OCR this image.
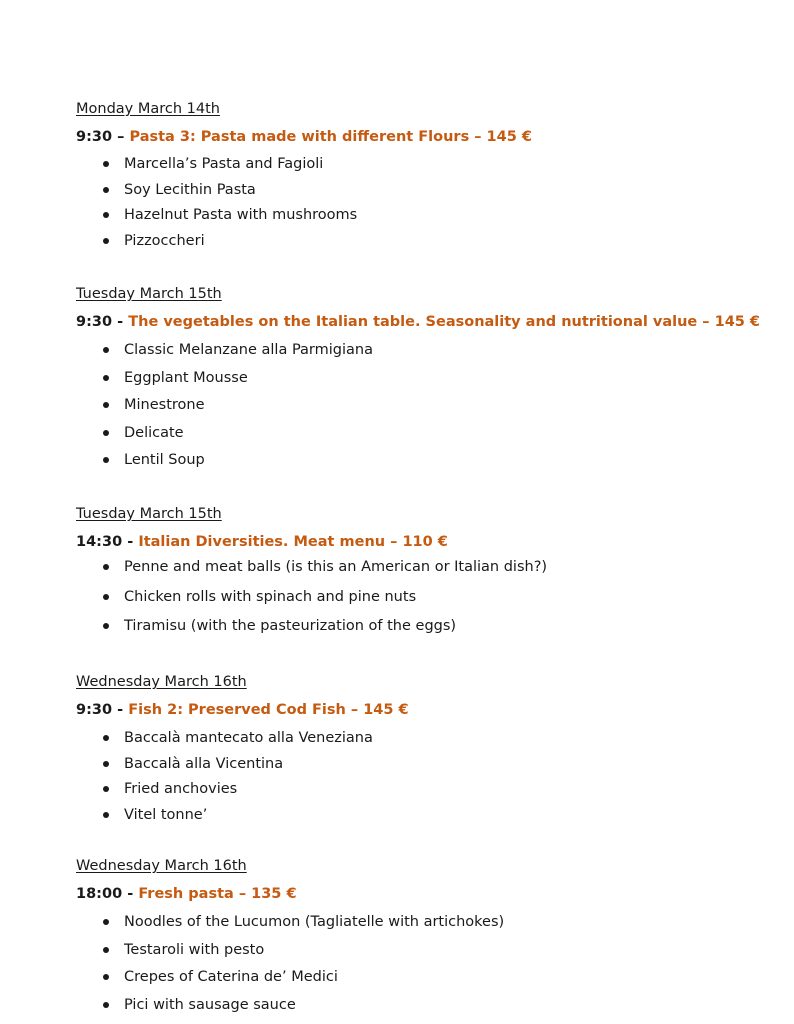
Monday March 14th
9:30 – Pasta 3: Pasta made with different Flours – 145 €
Marcella’s Pasta and Fagioli
Soy Lecithin Pasta
Hazelnut Pasta with mushrooms
Pizzoccheri
Tuesday March 15th
9:30 - The vegetables on the Italian table. Seasonality and nutritional value – 145 €
Classic Melanzane alla Parmigiana
Eggplant Mousse
Minestrone
Delicate
Lentil Soup
Tuesday March 15th
14:30 - Italian Diversities. Meat menu – 110 €
Penne and meat balls (is this an American or Italian dish?)
Chicken rolls with spinach and pine nuts
Tiramisu (with the pasteurization of the eggs)
Wednesday March 16th
9:30 - Fish 2: Preserved Cod Fish – 145 €
Baccalà mantecato alla Veneziana
Baccalà alla Vicentina
Fried anchovies
Vitel tonne’
Wednesday March 16th
18:00 - Fresh pasta – 135 €
Noodles of the Lucumon (Tagliatelle with artichokes)
Testaroli with pesto
Crepes of Caterina de’ Medici
Pici with sausage sauce
